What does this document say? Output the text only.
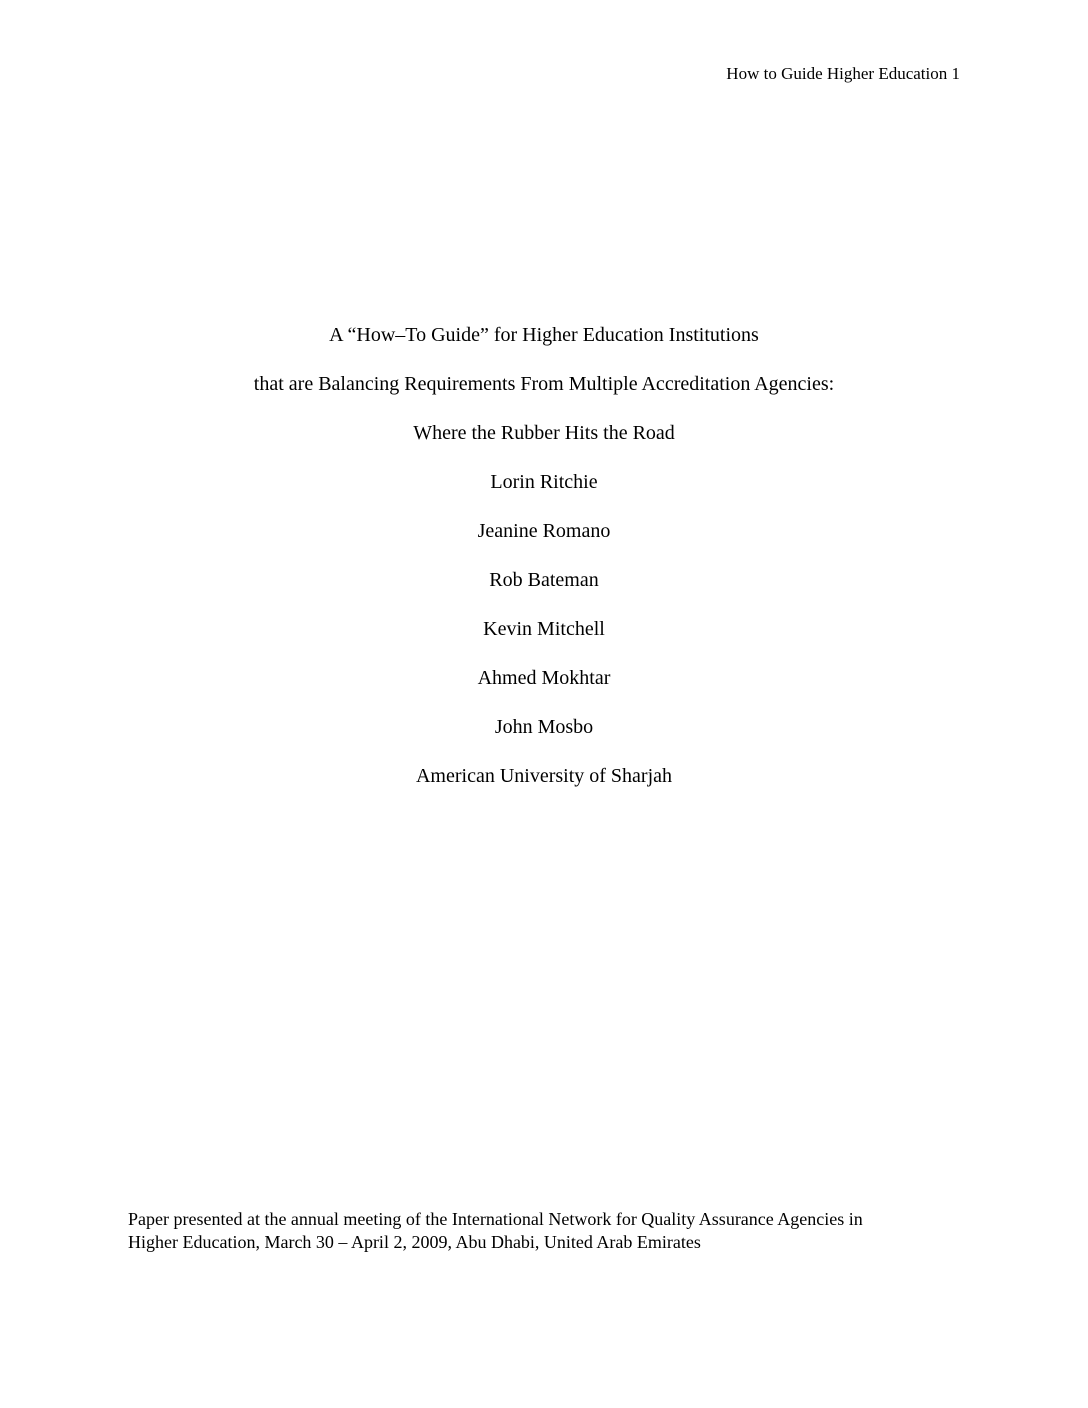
How to Guide Higher Education 1
A “How–To Guide” for Higher Education Institutions
that are Balancing Requirements From Multiple Accreditation Agencies:
Where the Rubber Hits the Road
Lorin Ritchie
Jeanine Romano
Rob Bateman
Kevin Mitchell
Ahmed Mokhtar
John Mosbo
American University of Sharjah
Paper presented at the annual meeting of the International Network for Quality Assurance Agencies in
Higher Education, March 30 – April 2, 2009, Abu Dhabi, United Arab Emirates
